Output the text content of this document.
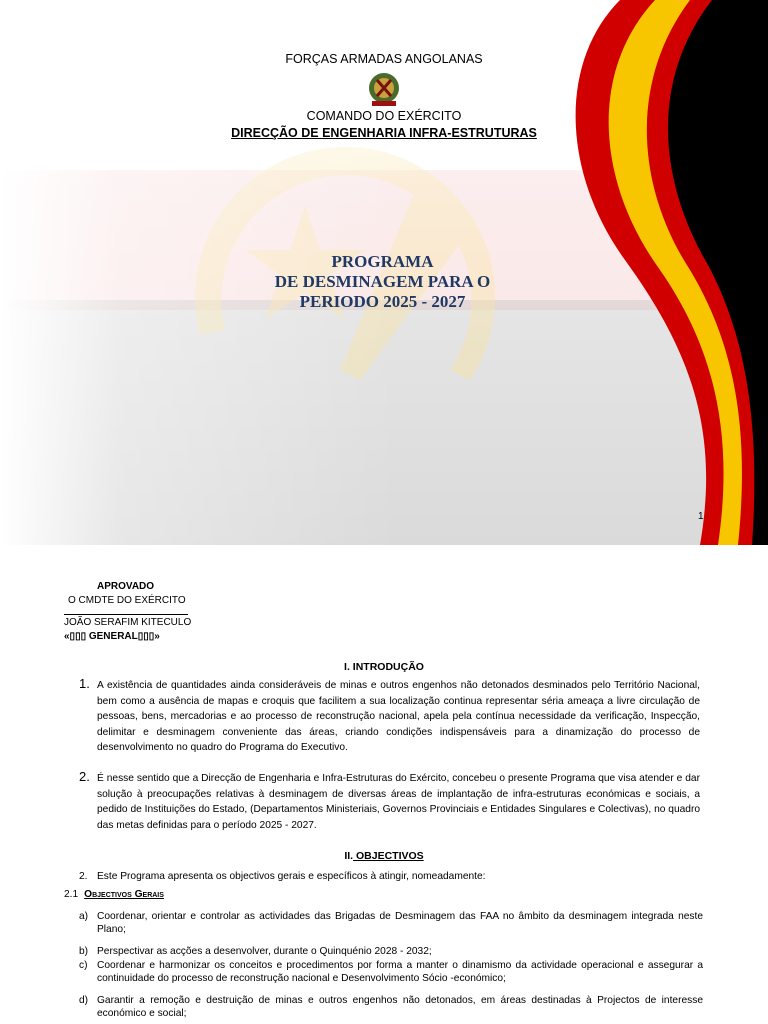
FORÇAS ARMADAS ANGOLANAS
COMANDO DO EXÉRCITO
DIRECÇÃO DE ENGENHARIA INFRA-ESTRUTURAS
PROGRAMA
DE DESMINAGEM PARA O
PERIODO 2025 - 2027
1
APROVADO
O CMDTE DO EXÉRCITO
JOÃO SERAFIM KITECULO
«▯▯▯ GENERAL▯▯▯»
I. INTRODUÇÃO
1. A existência de quantidades ainda consideráveis de minas e outros engenhos não detonados desminados pelo Território Nacional, bem como a ausência de mapas e croquis que facilitem a sua localização continua representar séria ameaça a livre circulação de pessoas, bens, mercadorias e ao processo de reconstrução nacional, apela pela contínua necessidade da verificação, Inspecção, delimitar e desminagem conveniente das áreas, criando condições indispensáveis para a dinamização do processo de desenvolvimento no quadro do Programa do Executivo.
2. É nesse sentido que a Direcção de Engenharia e Infra-Estruturas do Exército, concebeu o presente Programa que visa atender e dar solução à preocupações relativas à desminagem de diversas áreas de implantação de infra-estruturas económicas e sociais, a pedido de Instituições do Estado, (Departamentos Ministeriais, Governos Provinciais e Entidades Singulares e Colectivas), no quadro das metas definidas para o período 2025 - 2027.
II. OBJECTIVOS
2. Este Programa apresenta os objectivos gerais e específicos à atingir, nomeadamente:
2.1 Objectivos Gerais
a) Coordenar, orientar e controlar as actividades das Brigadas de Desminagem das FAA no âmbito da desminagem integrada neste Plano;
b) Perspectivar as acções a desenvolver, durante o Quinquénio 2028 - 2032;
c) Coordenar e harmonizar os conceitos e procedimentos por forma a manter o dinamismo da actividade operacional e assegurar a continuidade do processo de reconstrução nacional e Desenvolvimento Sócio -económico;
d) Garantir a remoção e destruição de minas e outros engenhos não detonados, em áreas destinadas à Projectos de interesse económico e social;
